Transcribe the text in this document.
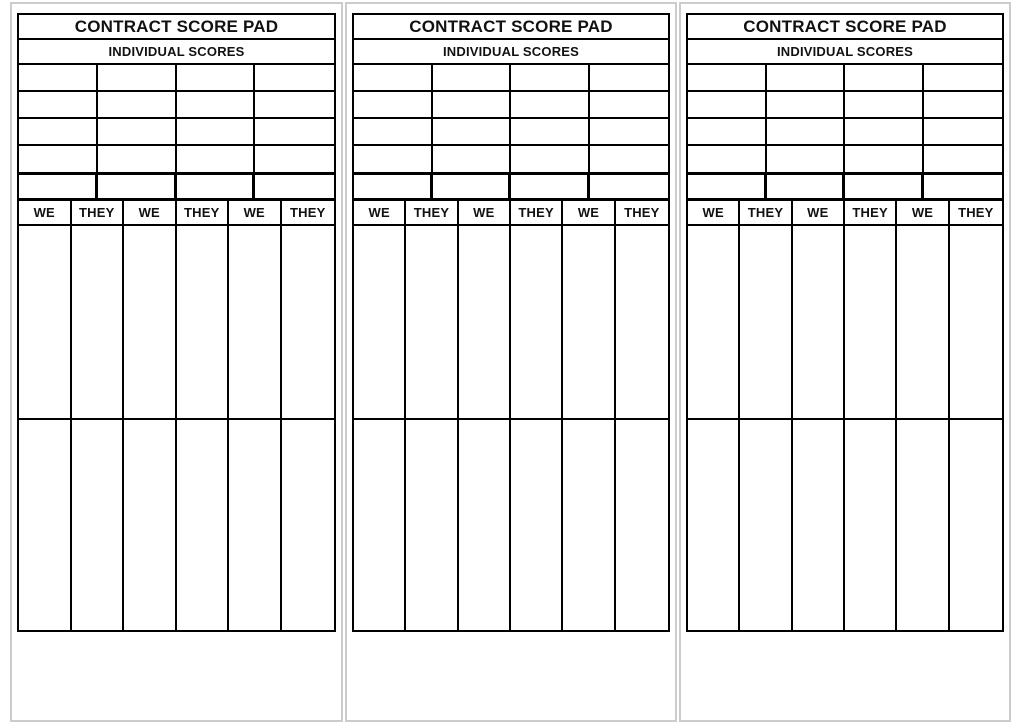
CONTRACT SCORE PAD
INDIVIDUAL SCORES
WE	THEY	WE	THEY	WE	THEY
CONTRACT SCORE PAD
INDIVIDUAL SCORES
WE	THEY	WE	THEY	WE	THEY
CONTRACT SCORE PAD
INDIVIDUAL SCORES
WE	THEY	WE	THEY	WE	THEY
